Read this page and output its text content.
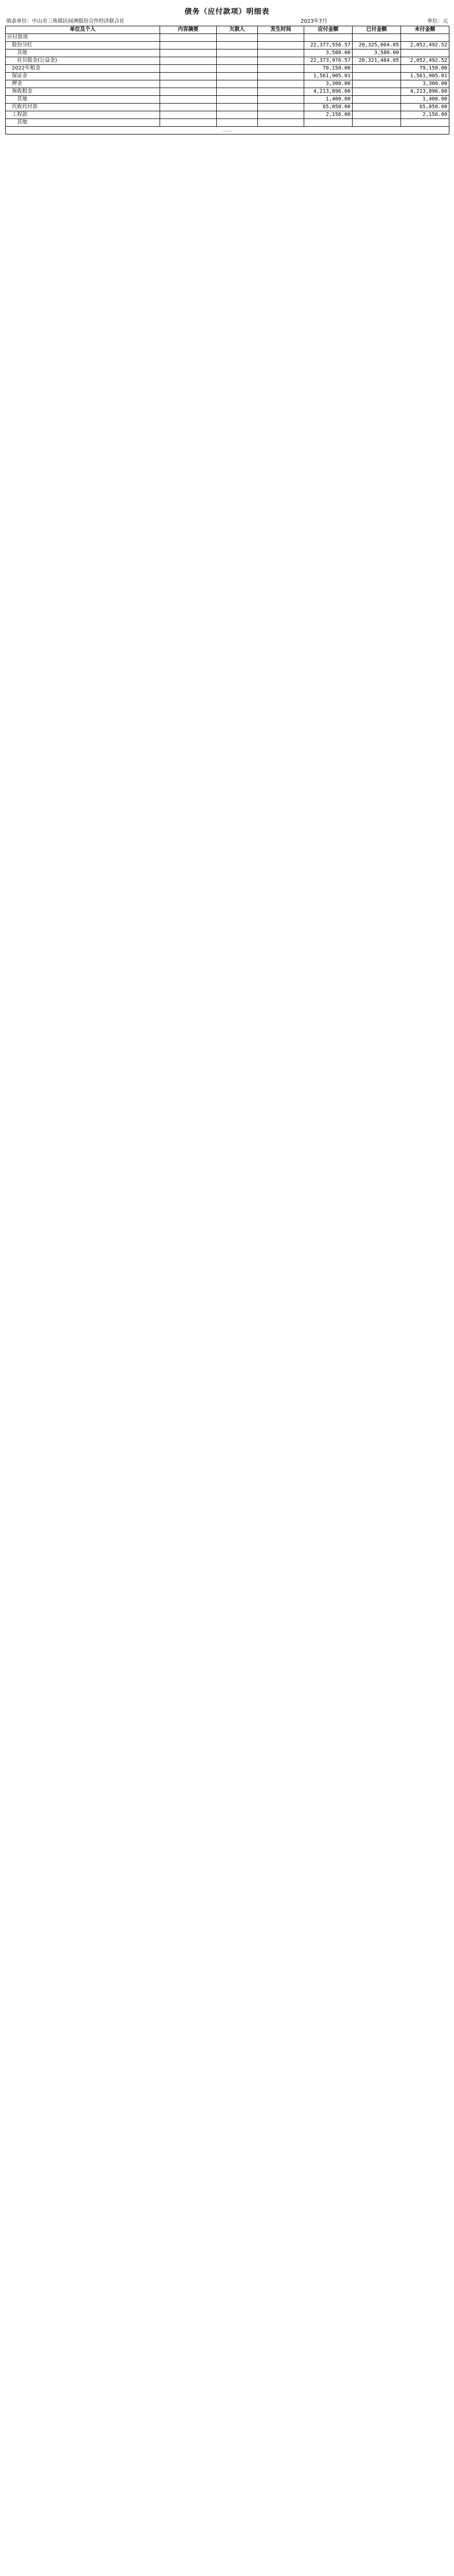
债务（应付款项）明细表
填表单位：中山市三角镇民间洲股份合作经济联合社	2023年7月	单位：元
单位及个人	内容摘要	欠款人	发生时间	应付金额	已付金额	未付金额
应付款项						
股份分红				22,377,556.57	20,325,064.05	2,052,492.52
其他				3,580.00	3,580.00	
社员股金(公益金)				22,373,976.57	20,321,484.05	2,052,492.52
2022年租金				79,150.00		79,150.00
保证金				1,561,905.01		1,561,905.01
押金				3,300.00		3,300.00
预收租金				4,213,896.00		4,213,896.00
其他				1,400.00		1,400.00
代收代付款				65,050.00		65,050.00
工程款				2,156.00		2,156.00
其他						
……						
